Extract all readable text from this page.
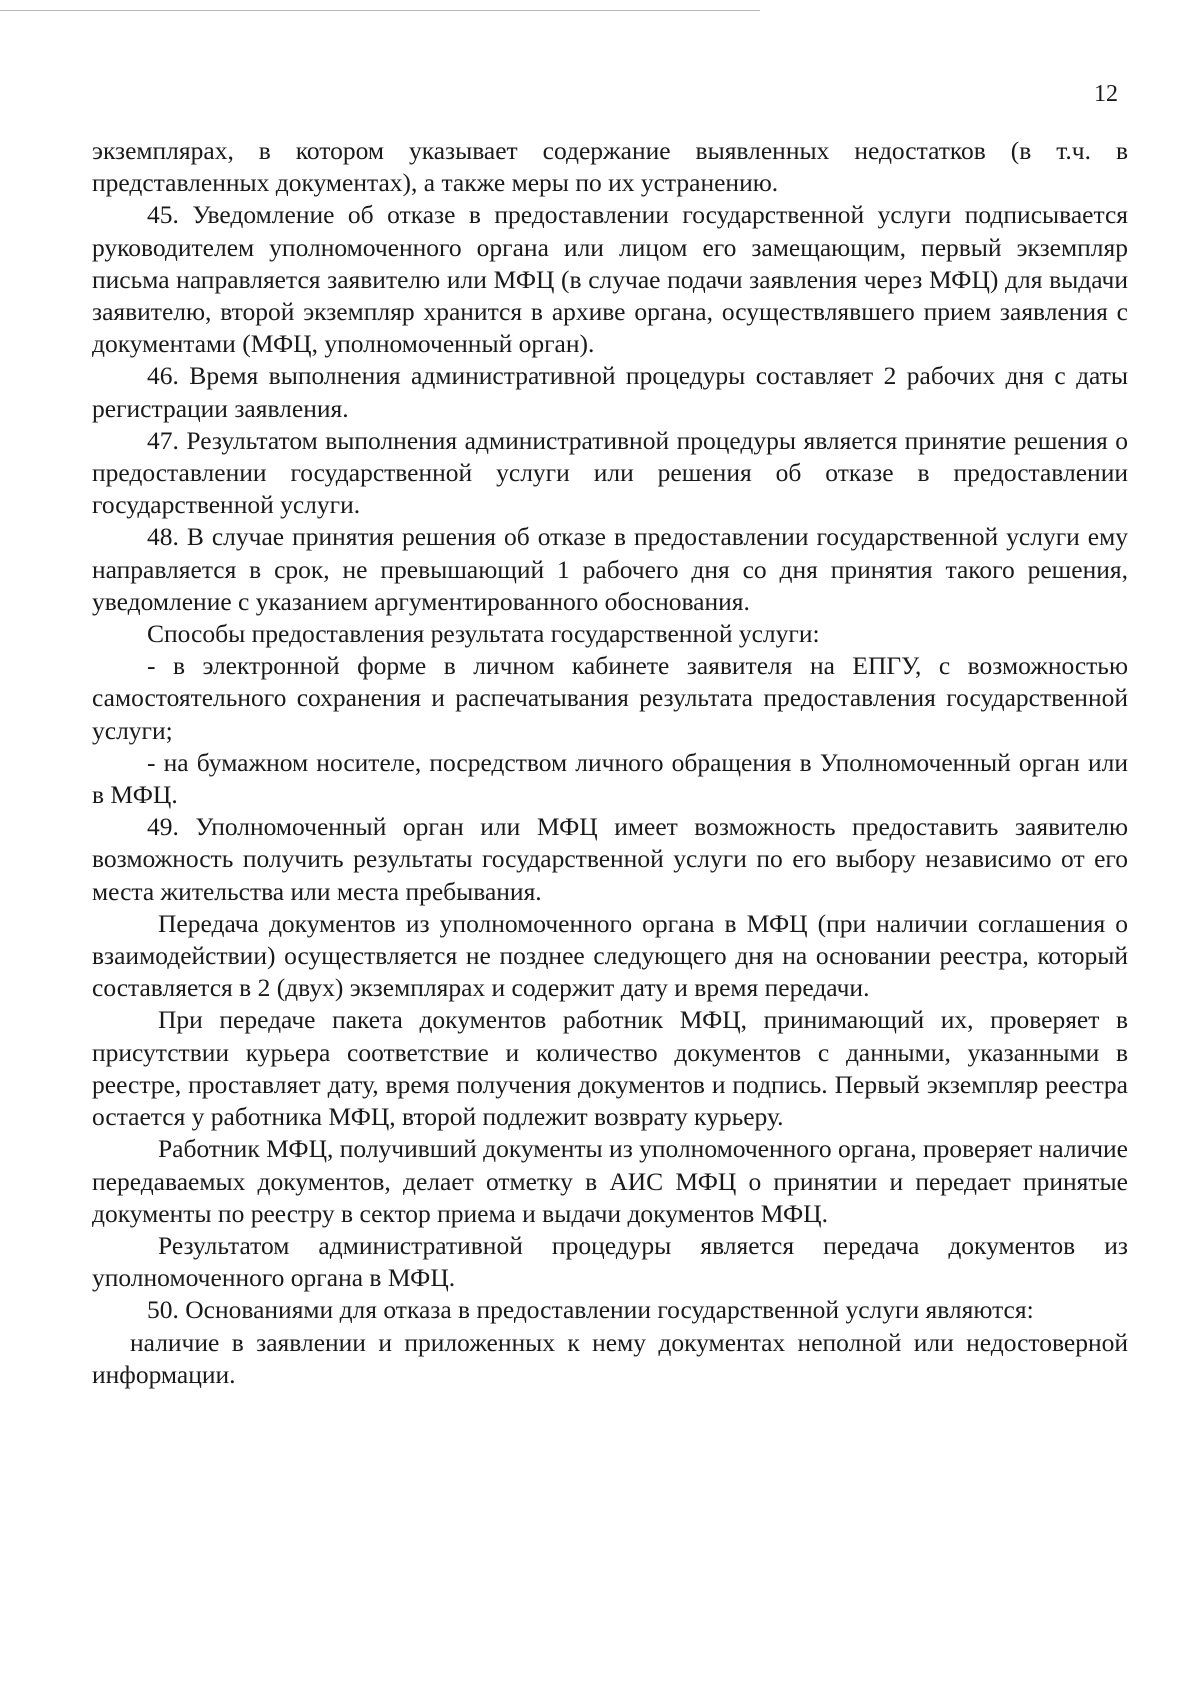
12

экземплярах, в котором указывает содержание выявленных недостатков (в т.ч. в представленных документах), а также меры по их устранению.

45. Уведомление об отказе в предоставлении государственной услуги подписывается руководителем уполномоченного органа или лицом его замещающим, первый экземпляр письма направляется заявителю или МФЦ (в случае подачи заявления через МФЦ) для выдачи заявителю, второй экземпляр хранится в архиве органа, осуществлявшего прием заявления с документами (МФЦ, уполномоченный орган).

46. Время выполнения административной процедуры составляет 2 рабочих дня с даты регистрации заявления.

47. Результатом выполнения административной процедуры является принятие решения о предоставлении государственной услуги или решения об отказе в предоставлении государственной услуги.

48. В случае принятия решения об отказе в предоставлении государственной услуги ему направляется в срок, не превышающий 1 рабочего дня со дня принятия такого решения, уведомление с указанием аргументированного обоснования.

Способы предоставления результата государственной услуги:

- в электронной форме в личном кабинете заявителя на ЕПГУ, с возможностью самостоятельного сохранения и распечатывания результата предоставления государственной услуги;

- на бумажном носителе, посредством личного обращения в Уполномоченный орган или в МФЦ.

49. Уполномоченный орган или МФЦ имеет возможность предоставить заявителю возможность получить результаты государственной услуги по его выбору независимо от его места жительства или места пребывания.

Передача документов из уполномоченного органа в МФЦ (при наличии соглашения о взаимодействии) осуществляется не позднее следующего дня на основании реестра, который составляется в 2 (двух) экземплярах и содержит дату и время передачи.

При передаче пакета документов работник МФЦ, принимающий их, проверяет в присутствии курьера соответствие и количество документов с данными, указанными в реестре, проставляет дату, время получения документов и подпись. Первый экземпляр реестра остается у работника МФЦ, второй подлежит возврату курьеру.

Работник МФЦ, получивший документы из уполномоченного органа, проверяет наличие передаваемых документов, делает отметку в АИС МФЦ о принятии и передает принятые документы по реестру в сектор приема и выдачи документов МФЦ.

Результатом административной процедуры является передача документов из уполномоченного органа в МФЦ.

50. Основаниями для отказа в предоставлении государственной услуги являются:

наличие в заявлении и приложенных к нему документах неполной или недостоверной информации.
